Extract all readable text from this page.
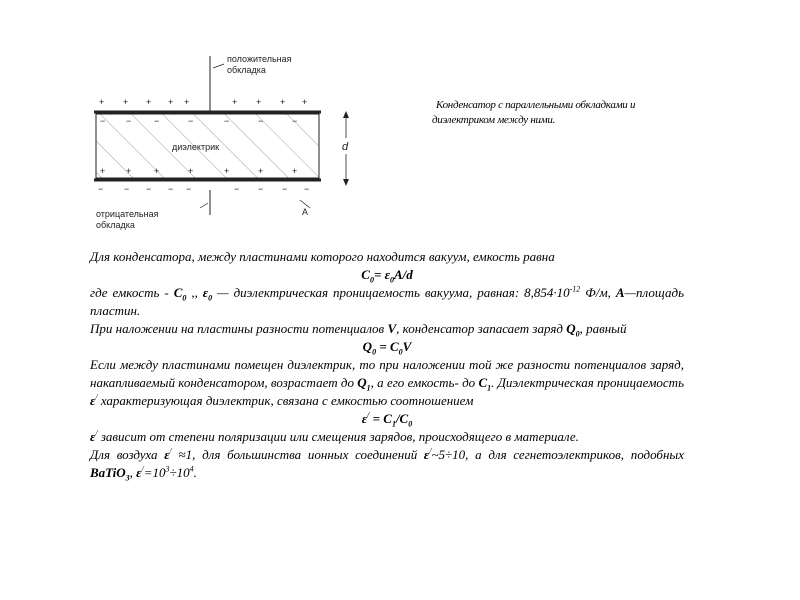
+ + + + +	+ + + +
− −	−	−	−	−	−
+ +	+	+	+	+	+
− − − − −	− − − −
положительная
обкладка
диэлектрик
отрицательная
обкладка
A
d
Конденсатор с параллельными обкладками и
диэлектриком между ними.

Для конденсатора, между пластинами которого находится вакуум, емкость равна

$C_0= \varepsilon_0A/d$

где емкость - $C_0$ ,, $\varepsilon_0$ — диэлектрическая проницаемость вакуума, равная: $8,854\cdot 10^{-12}$ Ф/м, A—площадь пластин.

При наложении на пластины разности потенциалов V, конденсатор запасает заряд $Q_0$, равный

$Q_0 = C_0V$

Если между пластинами помещен диэлектрик, то при наложении той же разности потенциалов заряд, накапливаемый конденсатором, возрастает до $Q_1$, а его емкость- до $C_1$. Диэлектрическая проницаемость ε/ характеризующая диэлектрик, связана с емкостью соотношением

$\varepsilon^/ = C_1/C_0$

ε/ зависит от степени поляризации или смещения зарядов, происходящего в материале.

Для воздуха ε/ ≈1, для большинства ионных соединений ε/~5÷10, а для сегнетоэлектриков, подобных BaTiO$_3$, $\varepsilon^/=10^3\div 10^4$.
